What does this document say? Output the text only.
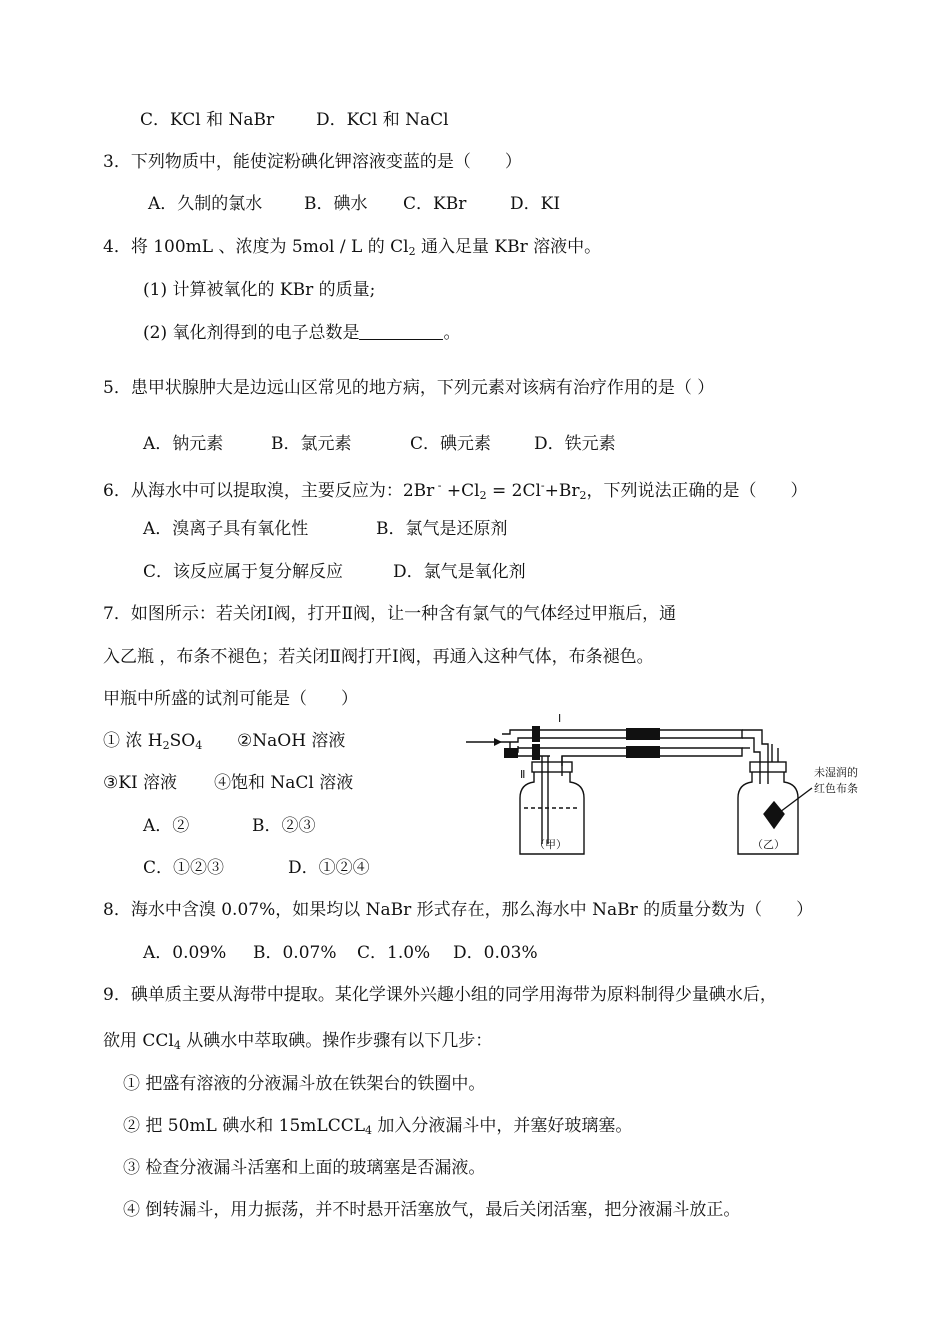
C．KCl 和 NaBr D．KCl 和 NaCl
3．下列物质中，能使淀粉碘化钾溶液变蓝的是（　　）
A．久制的氯水 B．碘水 C．KBr	D．KI
4．将 100mL 、浓度为 5mol / L 的 $Cl_2$ 通入足量 KBr 溶液中。
(1) 计算被氧化的 KBr 的质量;
(2) 氧化剂得到的电子总数是	。
5．患甲状腺肿大是边远山区常见的地方病，下列元素对该病有治疗作用的是（ ）
A．钠元素	B．氯元素	C．碘元素	D．铁元素
6．从海水中可以提取溴，主要反应为：2Br $^- +Cl_2 = 2Cl^-+Br_2$，下列说法正确的是（　　）
A．溴离子具有氧化性	B．氯气是还原剂
C．该反应属于复分解反应	D．氯气是氧化剂
7．如图所示：若关闭Ⅰ阀，打开Ⅱ阀，让一种含有氯气的气体经过甲瓶后，通
入乙瓶 ，布条不褪色；若关闭Ⅱ阀打开Ⅰ阀，再通入这种气体，布条褪色。
甲瓶中所盛的试剂可能是（　　）
① 浓 $H_2SO_4$ ②NaOH 溶液
③KI 溶液 ④饱和 NaCl 溶液
A．②	B．②③
C．①②③	D．①②④
I
Ⅱ
（甲）	（乙）
未湿润的
红色布条
8．海水中含溴 0.07%，如果均以 NaBr 形式存在，那么海水中 NaBr 的质量分数为（　　）
A．0.09% B．0.07% C．1.0% D．0.03%
9．碘单质主要从海带中提取。某化学课外兴趣小组的同学用海带为原料制得少量碘水后，
欲用 CCl$_4$ 从碘水中萃取碘。操作步骤有以下几步：
① 把盛有溶液的分液漏斗放在铁架台的铁圈中。
② 把 50mL 碘水和 15mLCCL$_4$ 加入分液漏斗中，并塞好玻璃塞。
③ 检查分液漏斗活塞和上面的玻璃塞是否漏液。
④ 倒转漏斗，用力振荡，并不时悬开活塞放气，最后关闭活塞，把分液漏斗放正。
